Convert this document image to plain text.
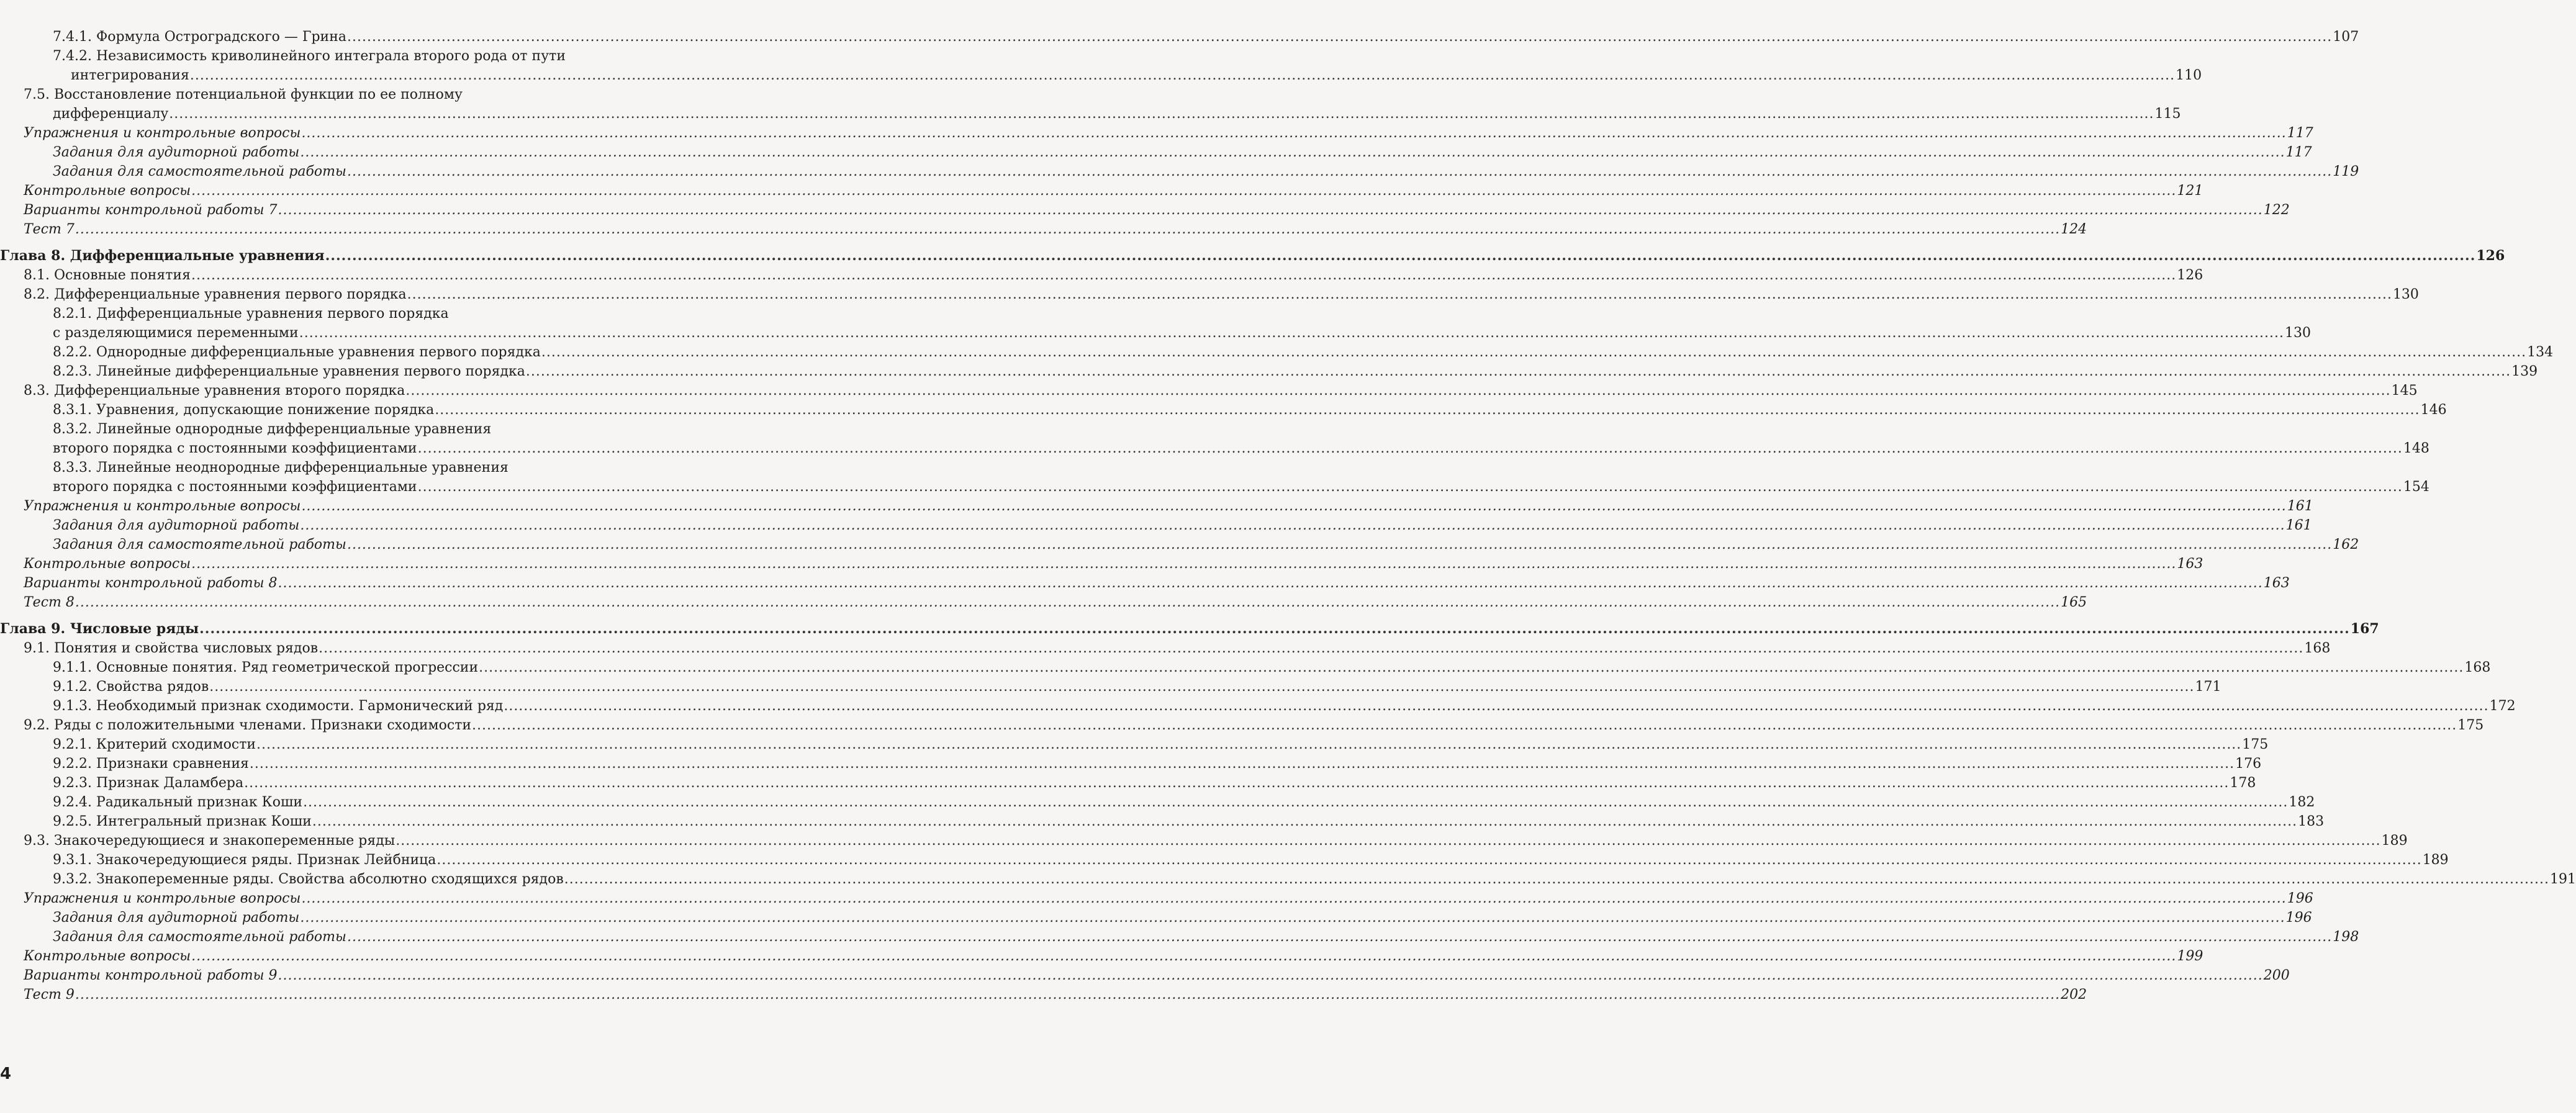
7.4.1. Формула Остроградского — Грина ................................................................................................................................................................................................................................................................................................................................................................................................................ 107
7.4.2. Независимость криволинейного интеграла второго рода от пути
интегрирования ................................................................................................................................................................................................................................................................................................................................................................................................................ 110
7.5. Восстановление потенциальной функции по ее полному
дифференциалу ................................................................................................................................................................................................................................................................................................................................................................................................................ 115
Упражнения и контрольные вопросы ................................................................................................................................................................................................................................................................................................................................................................................................................ 117
Задания для аудиторной работы ................................................................................................................................................................................................................................................................................................................................................................................................................ 117
Задания для самостоятельной работы ................................................................................................................................................................................................................................................................................................................................................................................................................ 119
Контрольные вопросы ................................................................................................................................................................................................................................................................................................................................................................................................................ 121
Варианты контрольной работы 7 ................................................................................................................................................................................................................................................................................................................................................................................................................ 122
Тест 7 ................................................................................................................................................................................................................................................................................................................................................................................................................ 124
Глава 8. Дифференциальные уравнения ................................................................................................................................................................................................................................................................................................................................................................................................................ 126
8.1. Основные понятия ................................................................................................................................................................................................................................................................................................................................................................................................................ 126
8.2. Дифференциальные уравнения первого порядка ................................................................................................................................................................................................................................................................................................................................................................................................................ 130
8.2.1. Дифференциальные уравнения первого порядка
с разделяющимися переменными ................................................................................................................................................................................................................................................................................................................................................................................................................ 130
8.2.2. Однородные дифференциальные уравнения первого порядка ................................................................................................................................................................................................................................................................................................................................................................................................................ 134
8.2.3. Линейные дифференциальные уравнения первого порядка ................................................................................................................................................................................................................................................................................................................................................................................................................ 139
8.3. Дифференциальные уравнения второго порядка ................................................................................................................................................................................................................................................................................................................................................................................................................ 145
8.3.1. Уравнения, допускающие понижение порядка ................................................................................................................................................................................................................................................................................................................................................................................................................ 146
8.3.2. Линейные однородные дифференциальные уравнения
второго порядка с постоянными коэффициентами ................................................................................................................................................................................................................................................................................................................................................................................................................ 148
8.3.3. Линейные неоднородные дифференциальные уравнения
второго порядка с постоянными коэффициентами ................................................................................................................................................................................................................................................................................................................................................................................................................ 154
Упражнения и контрольные вопросы ................................................................................................................................................................................................................................................................................................................................................................................................................ 161
Задания для аудиторной работы ................................................................................................................................................................................................................................................................................................................................................................................................................ 161
Задания для самостоятельной работы ................................................................................................................................................................................................................................................................................................................................................................................................................ 162
Контрольные вопросы ................................................................................................................................................................................................................................................................................................................................................................................................................ 163
Варианты контрольной работы 8 ................................................................................................................................................................................................................................................................................................................................................................................................................ 163
Тест 8 ................................................................................................................................................................................................................................................................................................................................................................................................................ 165
Глава 9. Числовые ряды ................................................................................................................................................................................................................................................................................................................................................................................................................ 167
9.1. Понятия и свойства числовых рядов ................................................................................................................................................................................................................................................................................................................................................................................................................ 168
9.1.1. Основные понятия. Ряд геометрической прогрессии ................................................................................................................................................................................................................................................................................................................................................................................................................ 168
9.1.2. Свойства рядов ................................................................................................................................................................................................................................................................................................................................................................................................................ 171
9.1.3. Необходимый признак сходимости. Гармонический ряд ................................................................................................................................................................................................................................................................................................................................................................................................................ 172
9.2. Ряды с положительными членами. Признаки сходимости ................................................................................................................................................................................................................................................................................................................................................................................................................ 175
9.2.1. Критерий сходимости ................................................................................................................................................................................................................................................................................................................................................................................................................ 175
9.2.2. Признаки сравнения ................................................................................................................................................................................................................................................................................................................................................................................................................ 176
9.2.3. Признак Даламбера ................................................................................................................................................................................................................................................................................................................................................................................................................ 178
9.2.4. Радикальный признак Коши ................................................................................................................................................................................................................................................................................................................................................................................................................ 182
9.2.5. Интегральный признак Коши ................................................................................................................................................................................................................................................................................................................................................................................................................ 183
9.3. Знакочередующиеся и знакопеременные ряды ................................................................................................................................................................................................................................................................................................................................................................................................................ 189
9.3.1. Знакочередующиеся ряды. Признак Лейбница ................................................................................................................................................................................................................................................................................................................................................................................................................ 189
9.3.2. Знакопеременные ряды. Свойства абсолютно сходящихся рядов ................................................................................................................................................................................................................................................................................................................................................................................................................ 191
Упражнения и контрольные вопросы ................................................................................................................................................................................................................................................................................................................................................................................................................ 196
Задания для аудиторной работы ................................................................................................................................................................................................................................................................................................................................................................................................................ 196
Задания для самостоятельной работы ................................................................................................................................................................................................................................................................................................................................................................................................................ 198
Контрольные вопросы ................................................................................................................................................................................................................................................................................................................................................................................................................ 199
Варианты контрольной работы 9 ................................................................................................................................................................................................................................................................................................................................................................................................................ 200
Тест 9 ................................................................................................................................................................................................................................................................................................................................................................................................................ 202
4
